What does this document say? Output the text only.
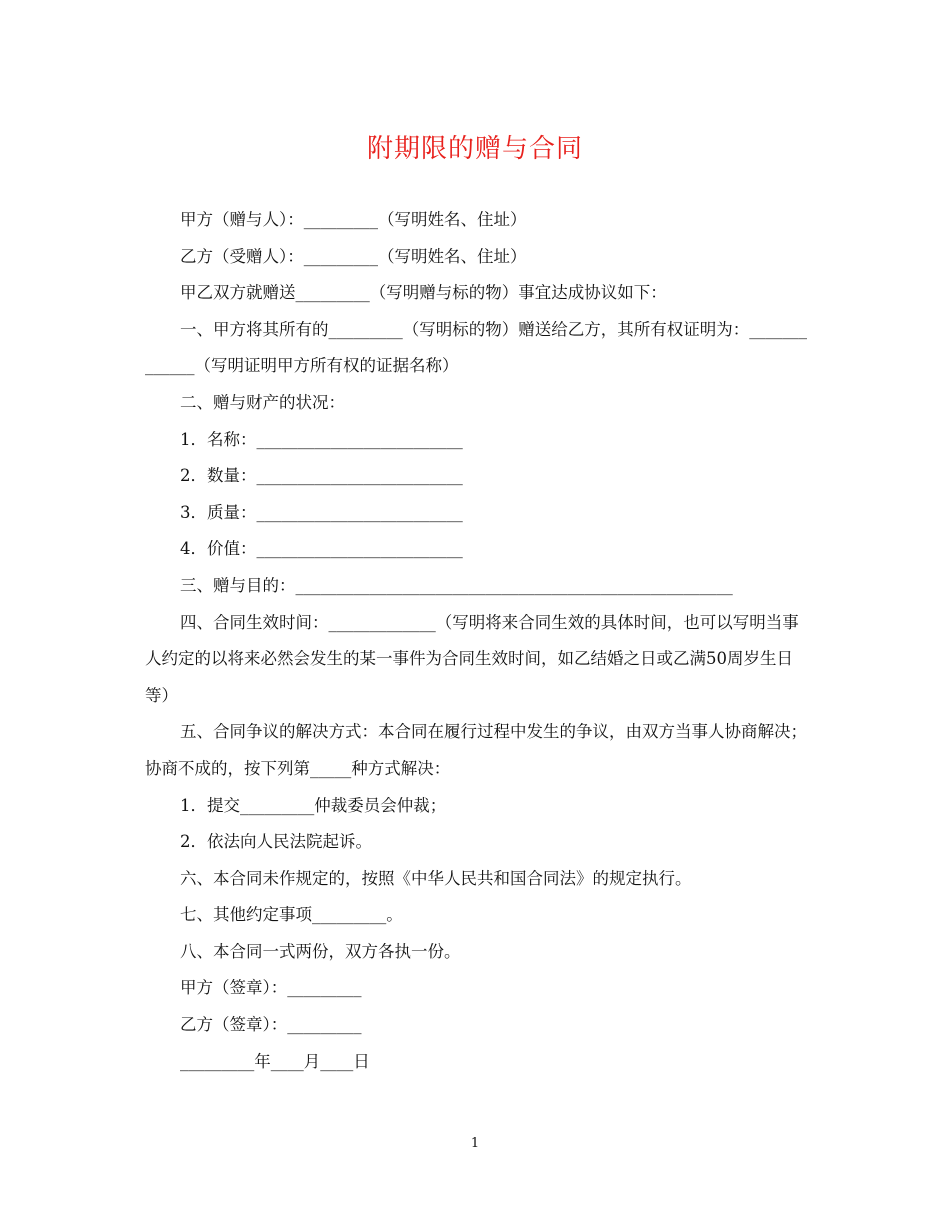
附期限的赠与合同

甲方（赠与人）：_________（写明姓名、住址）

乙方（受赠人）：_________（写明姓名、住址）

甲乙双方就赠送_________（写明赠与标的物）事宜达成协议如下：

一、甲方将其所有的_________（写明标的物）赠送给乙方，其所有权证明为：_____________（写明证明甲方所有权的证据名称）

二、赠与财产的状况：

1．名称：_________________________

2．数量：_________________________

3．质量：_________________________

4．价值：_________________________

三、赠与目的：_____________________________________________________

四、合同生效时间：_____________（写明将来合同生效的具体时间，也可以写明当事人约定的以将来必然会发生的某一事件为合同生效时间，如乙结婚之日或乙满50周岁生日等）

五、合同争议的解决方式：本合同在履行过程中发生的争议，由双方当事人协商解决；协商不成的，按下列第_____种方式解决：

1．提交_________仲裁委员会仲裁；

2．依法向人民法院起诉。

六、本合同未作规定的，按照《中华人民共和国合同法》的规定执行。

七、其他约定事项_________。

八、本合同一式两份，双方各执一份。

甲方（签章）：_________

乙方（签章）：_________

_________年____月____日

1
